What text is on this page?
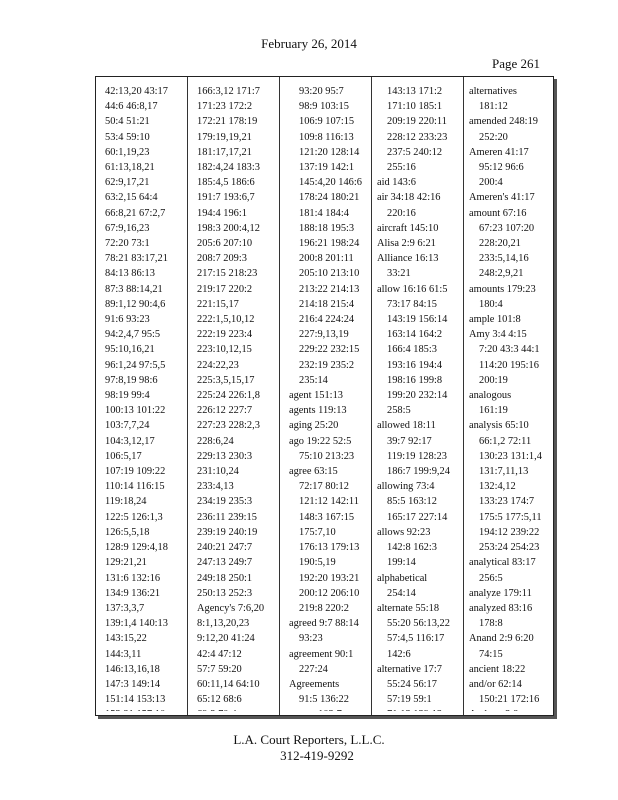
February 26, 2014
Page 261
42:13,20 43:17
44:6 46:8,17
50:4 51:21
53:4 59:10
60:1,19,23
61:13,18,21
62:9,17,21
63:2,15 64:4
66:8,21 67:2,7
67:9,16,23
72:20 73:1
78:21 83:17,21
84:13 86:13
87:3 88:14,21
89:1,12 90:4,6
91:6 93:23
94:2,4,7 95:5
95:10,16,21
96:1,24 97:5,5
97:8,19 98:6
98:19 99:4
100:13 101:22
103:7,7,24
104:3,12,17
106:5,17
107:19 109:22
110:14 116:15
119:18,24
122:5 126:1,3
126:5,5,18
128:9 129:4,18
129:21,21
131:6 132:16
134:9 136:21
137:3,3,7
139:1,4 140:13
143:15,22
144:3,11
146:13,16,18
147:3 149:14
151:14 153:13
166:3,12 171:7
171:23 172:2
172:21 178:19
179:19,19,21
181:17,17,21
182:4,24 183:3
185:4,5 186:6
191:7 193:6,7
194:4 196:1
198:3 200:4,12
205:6 207:10
208:7 209:3
217:15 218:23
219:17 220:2
221:15,17
222:1,5,10,12
222:19 223:4
223:10,12,15
224:22,23
225:3,5,15,17
225:24 226:1,8
226:12 227:7
227:23 228:2,3
228:6,24
229:13 230:3
231:10,24
233:4,13
234:19 235:3
236:11 239:15
239:19 240:19
240:21 247:7
247:13 249:7
249:18 250:1
250:13 252:3
Agency's 7:6,20
8:1,13,20,23
9:12,20 41:24
42:4 47:12
57:7 59:20
60:11,14 64:10
65:12 68:6
93:20 95:7
98:9 103:15
106:9 107:15
109:8 116:13
121:20 128:14
137:19 142:1
145:4,20 146:6
178:24 180:21
181:4 184:4
188:18 195:3
196:21 198:24
200:8 201:11
205:10 213:10
213:22 214:13
214:18 215:4
216:4 224:24
227:9,13,19
229:22 232:15
232:19 235:2
235:14
agent 151:13
agents 119:13
aging 25:20
ago 19:22 52:5
75:10 213:23
agree 63:15
72:17 80:12
121:12 142:11
148:3 167:15
175:7,10
176:13 179:13
190:5,19
192:20 193:21
200:12 206:10
219:8 220:2
agreed 9:7 88:14
93:23
agreement 90:1
227:24
Agreements
91:5 136:22
143:13 171:2
171:10 185:1
209:19 220:11
228:12 233:23
237:5 240:12
255:16
aid 143:6
air 34:18 42:16
220:16
aircraft 145:10
Alisa 2:9 6:21
Alliance 16:13
33:21
allow 16:16 61:5
73:17 84:15
143:19 156:14
163:14 164:2
166:4 185:3
193:16 194:4
198:16 199:8
199:20 232:14
258:5
allowed 18:11
39:7 92:17
119:19 128:23
186:7 199:9,24
allowing 73:4
85:5 163:12
165:17 227:14
allows 92:23
142:8 162:3
199:14
alphabetical
254:14
alternate 55:18
55:20 56:13,22
57:4,5 116:17
142:6
alternative 17:7
55:24 56:17
57:19 59:1
alternatives
181:12
amended 248:19
252:20
Ameren 41:17
95:12 96:6
200:4
Ameren's 41:17
amount 67:16
67:23 107:20
228:20,21
233:5,14,16
248:2,9,21
amounts 179:23
180:4
ample 101:8
Amy 3:4 4:15
7:20 43:3 44:1
114:20 195:16
200:19
analogous
161:19
analysis 65:10
66:1,2 72:11
130:23 131:1,4
131:7,11,13
132:4,12
133:23 174:7
175:5 177:5,11
194:12 239:22
253:24 254:23
analytical 83:17
256:5
analyze 179:11
analyzed 83:16
178:8
Anand 2:9 6:20
74:15
ancient 18:22
and/or 62:14
150:21 172:16
L.A. Court Reporters, L.L.C.
312-419-9292
